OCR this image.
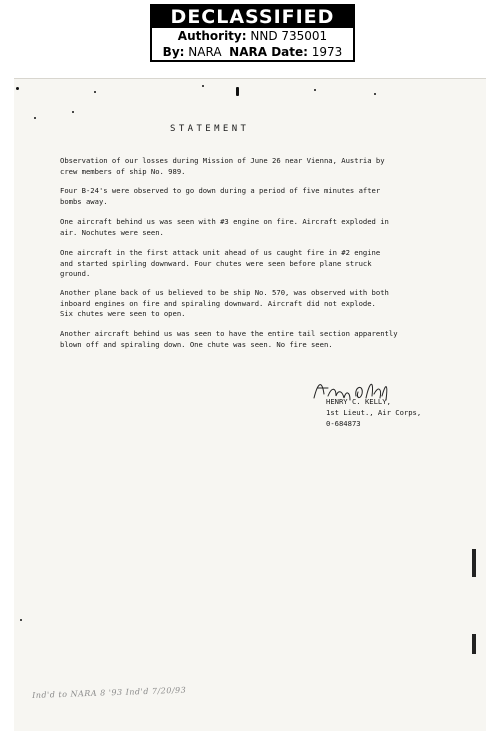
DECLASSIFIED
Authority: NND 735001
By: NARA NARA Date: 1973
STATEMENT
Observation of our losses during Mission of June 26 near Vienna, Austria by
crew members of ship No. 989.
Four B-24's were observed to go down during a period of five minutes after
bombs away.
One aircraft behind us was seen with #3 engine on fire. Aircraft exploded in
air. Nochutes were seen.
One aircraft in the first attack unit ahead of us caught fire in #2 engine
and started spirling downward. Four chutes were seen before plane struck
ground.
Another plane back of us believed to be ship No. 570, was observed with both
inboard engines on fire and spiraling downward. Aircraft did not explode.
Six chutes were seen to open.
Another aircraft behind us was seen to have the entire tail section apparently
blown off and spiraling down. One chute was seen. No fire seen.
HENRY C. KELLY,
1st Lieut., Air Corps,
0-684873
Ind'd to NARA 8 '93 Ind'd 7/20/93
